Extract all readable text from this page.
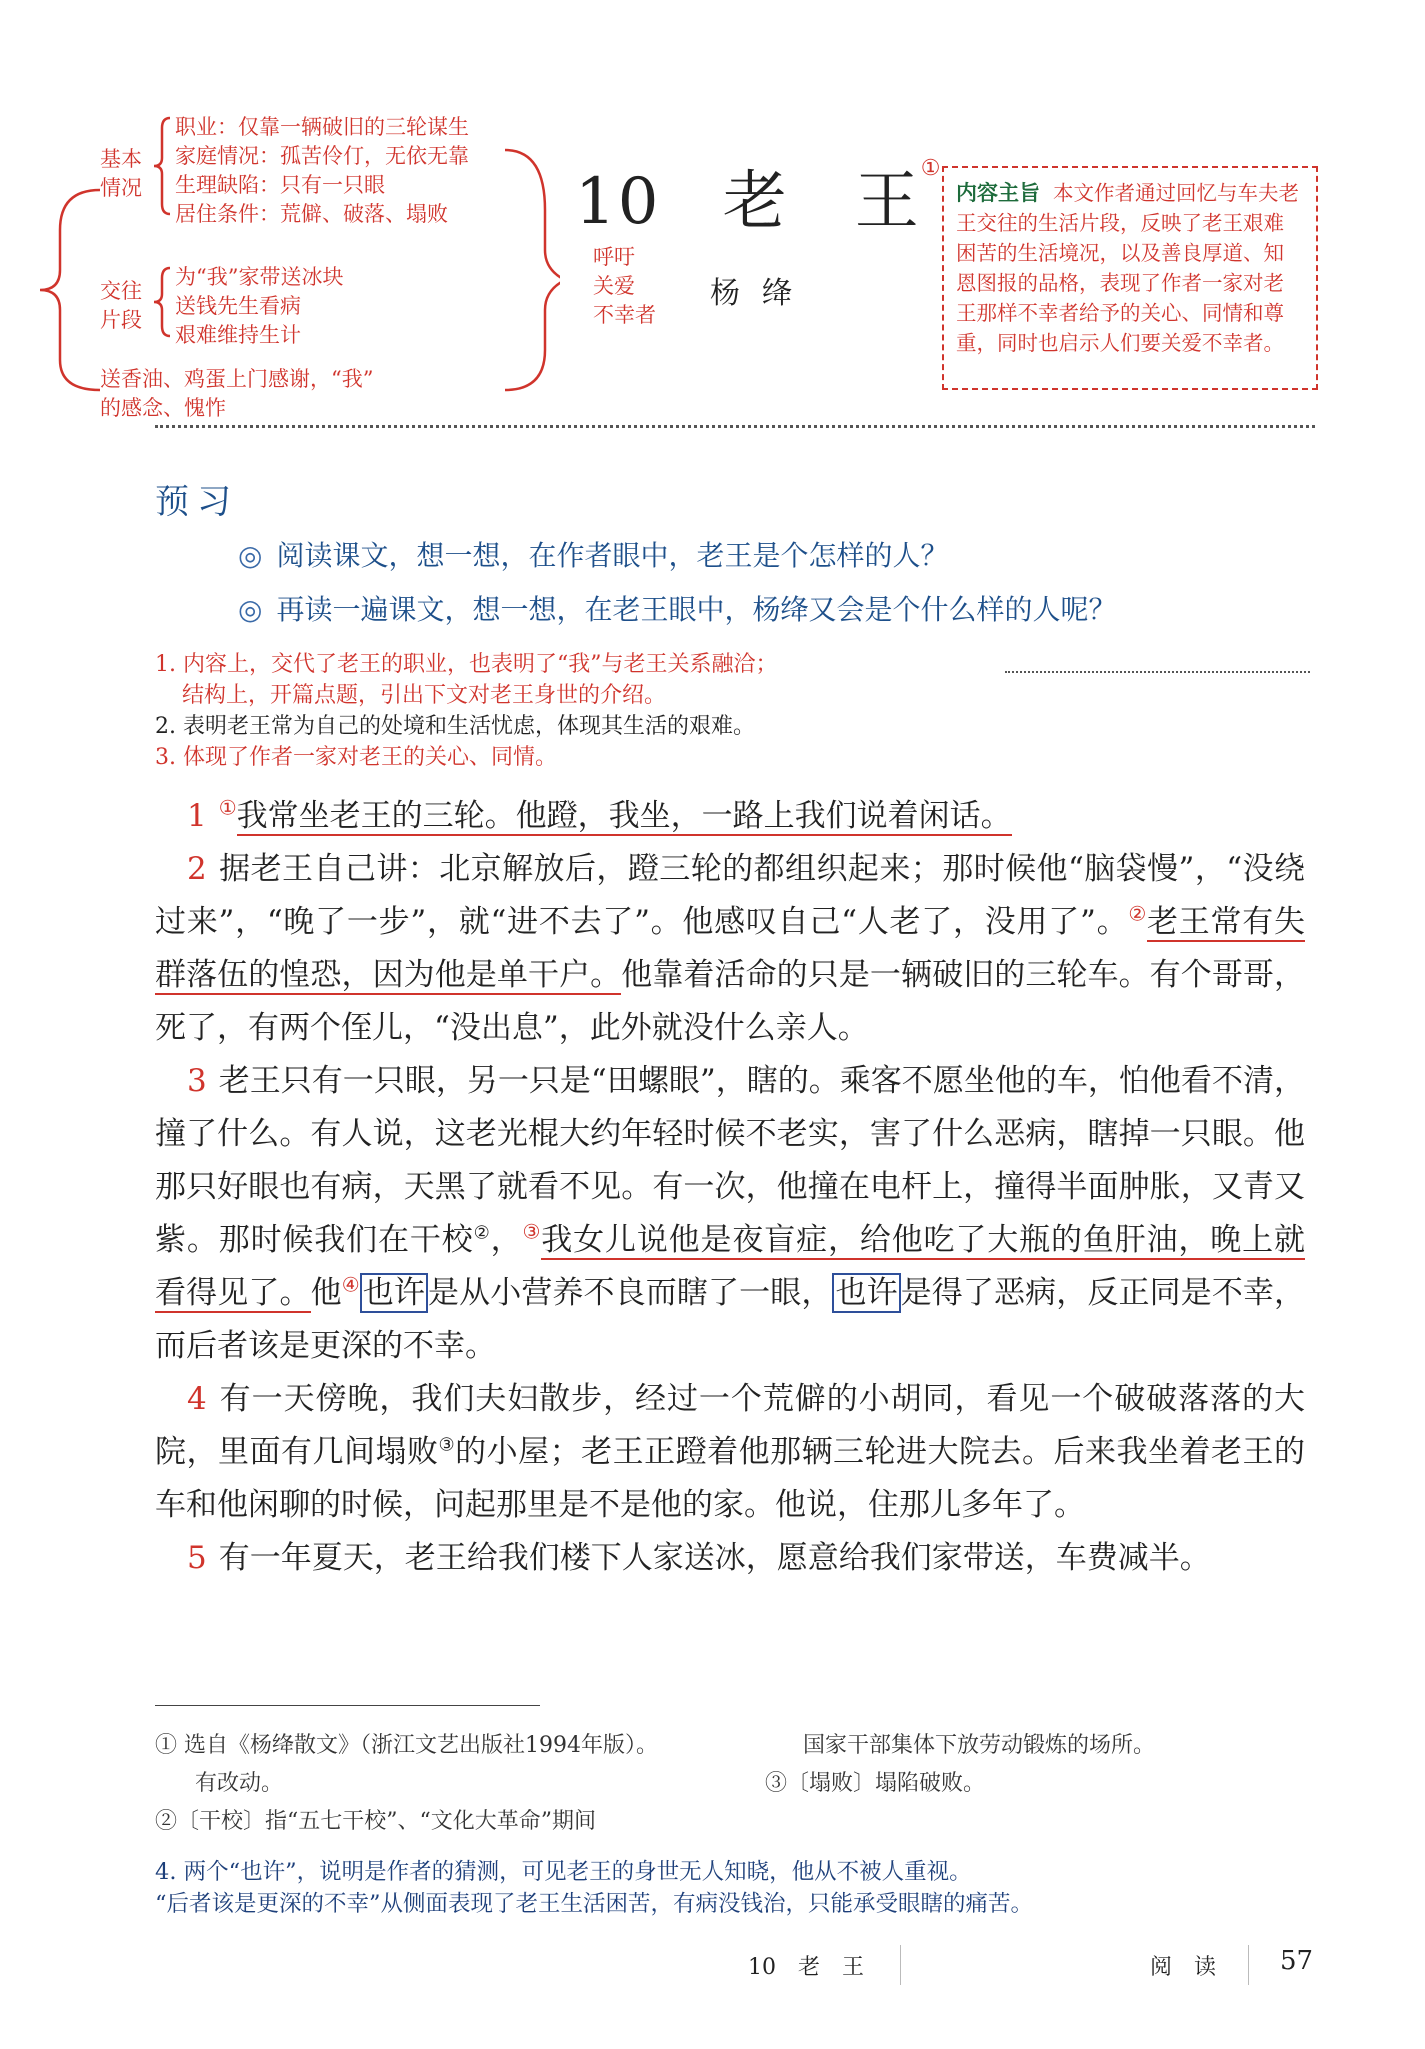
基本
情况
职业：仅靠一辆破旧的三轮谋生
家庭情况：孤苦伶仃，无依无靠
生理缺陷：只有一只眼
居住条件：荒僻、破落、塌败
交往
片段
为“我”家带送冰块
送钱先生看病
艰难维持生计
送香油、鸡蛋上门感谢，“我”
的感念、愧怍
呼吁
关爱
不幸者
10 老　王①
杨绛
内容主旨 本文作者通过回忆与车夫老王交往的生活片段，反映了老王艰难困苦的生活境况，以及善良厚道、知恩图报的品格，表现了作者一家对老王那样不幸者给予的关心、同情和尊重，同时也启示人们要关爱不幸者。
预习
◎ 阅读课文，想一想，在作者眼中，老王是个怎样的人？
◎ 再读一遍课文，想一想，在老王眼中，杨绛又会是个什么样的人呢？
1. 内容上，交代了老王的职业，也表明了“我”与老王关系融洽；
结构上，开篇点题，引出下文对老王身世的介绍。
2. 表明老王常为自己的处境和生活忧虑，体现其生活的艰难。
3. 体现了作者一家对老王的关心、同情。

1 ①我常坐老王的三轮。他蹬，我坐，一路上我们说着闲话。

2 据老王自己讲：北京解放后，蹬三轮的都组织起来；那时候他“脑袋慢”，“没绕过来”，“晚了一步”，就“进不去了”。他感叹自己“人老了，没用了”。②老王常有失群落伍的惶恐，因为他是单干户。他靠着活命的只是一辆破旧的三轮车。有个哥哥，死了，有两个侄儿，“没出息”，此外就没什么亲人。

3 老王只有一只眼，另一只是“田螺眼”，瞎的。乘客不愿坐他的车，怕他看不清，撞了什么。有人说，这老光棍大约年轻时候不老实，害了什么恶病，瞎掉一只眼。他那只好眼也有病，天黑了就看不见。有一次，他撞在电杆上，撞得半面肿胀，又青又紫。那时候我们在干校②，③我女儿说他是夜盲症，给他吃了大瓶的鱼肝油，晚上就看得见了。他④也许是从小营养不良而瞎了一眼，也许是得了恶病，反正同是不幸，而后者该是更深的不幸。

4 有一天傍晚，我们夫妇散步，经过一个荒僻的小胡同，看见一个破破落落的大院，里面有几间塌败③的小屋；老王正蹬着他那辆三轮进大院去。后来我坐着老王的车和他闲聊的时候，问起那里是不是他的家。他说，住那儿多年了。

5 有一年夏天，老王给我们楼下人家送冰，愿意给我们家带送，车费减半。

① 选自《杨绛散文》（浙江文艺出版社1994年版）。
有改动。
②〔干校〕指“五七干校”、“文化大革命”期间
国家干部集体下放劳动锻炼的场所。
③〔塌败〕塌陷破败。
4. 两个“也许”，说明是作者的猜测，可见老王的身世无人知晓，他从不被人重视。
“后者该是更深的不幸”从侧面表现了老王生活困苦，有病没钱治，只能承受眼瞎的痛苦。
10　老　王	阅　读 57
